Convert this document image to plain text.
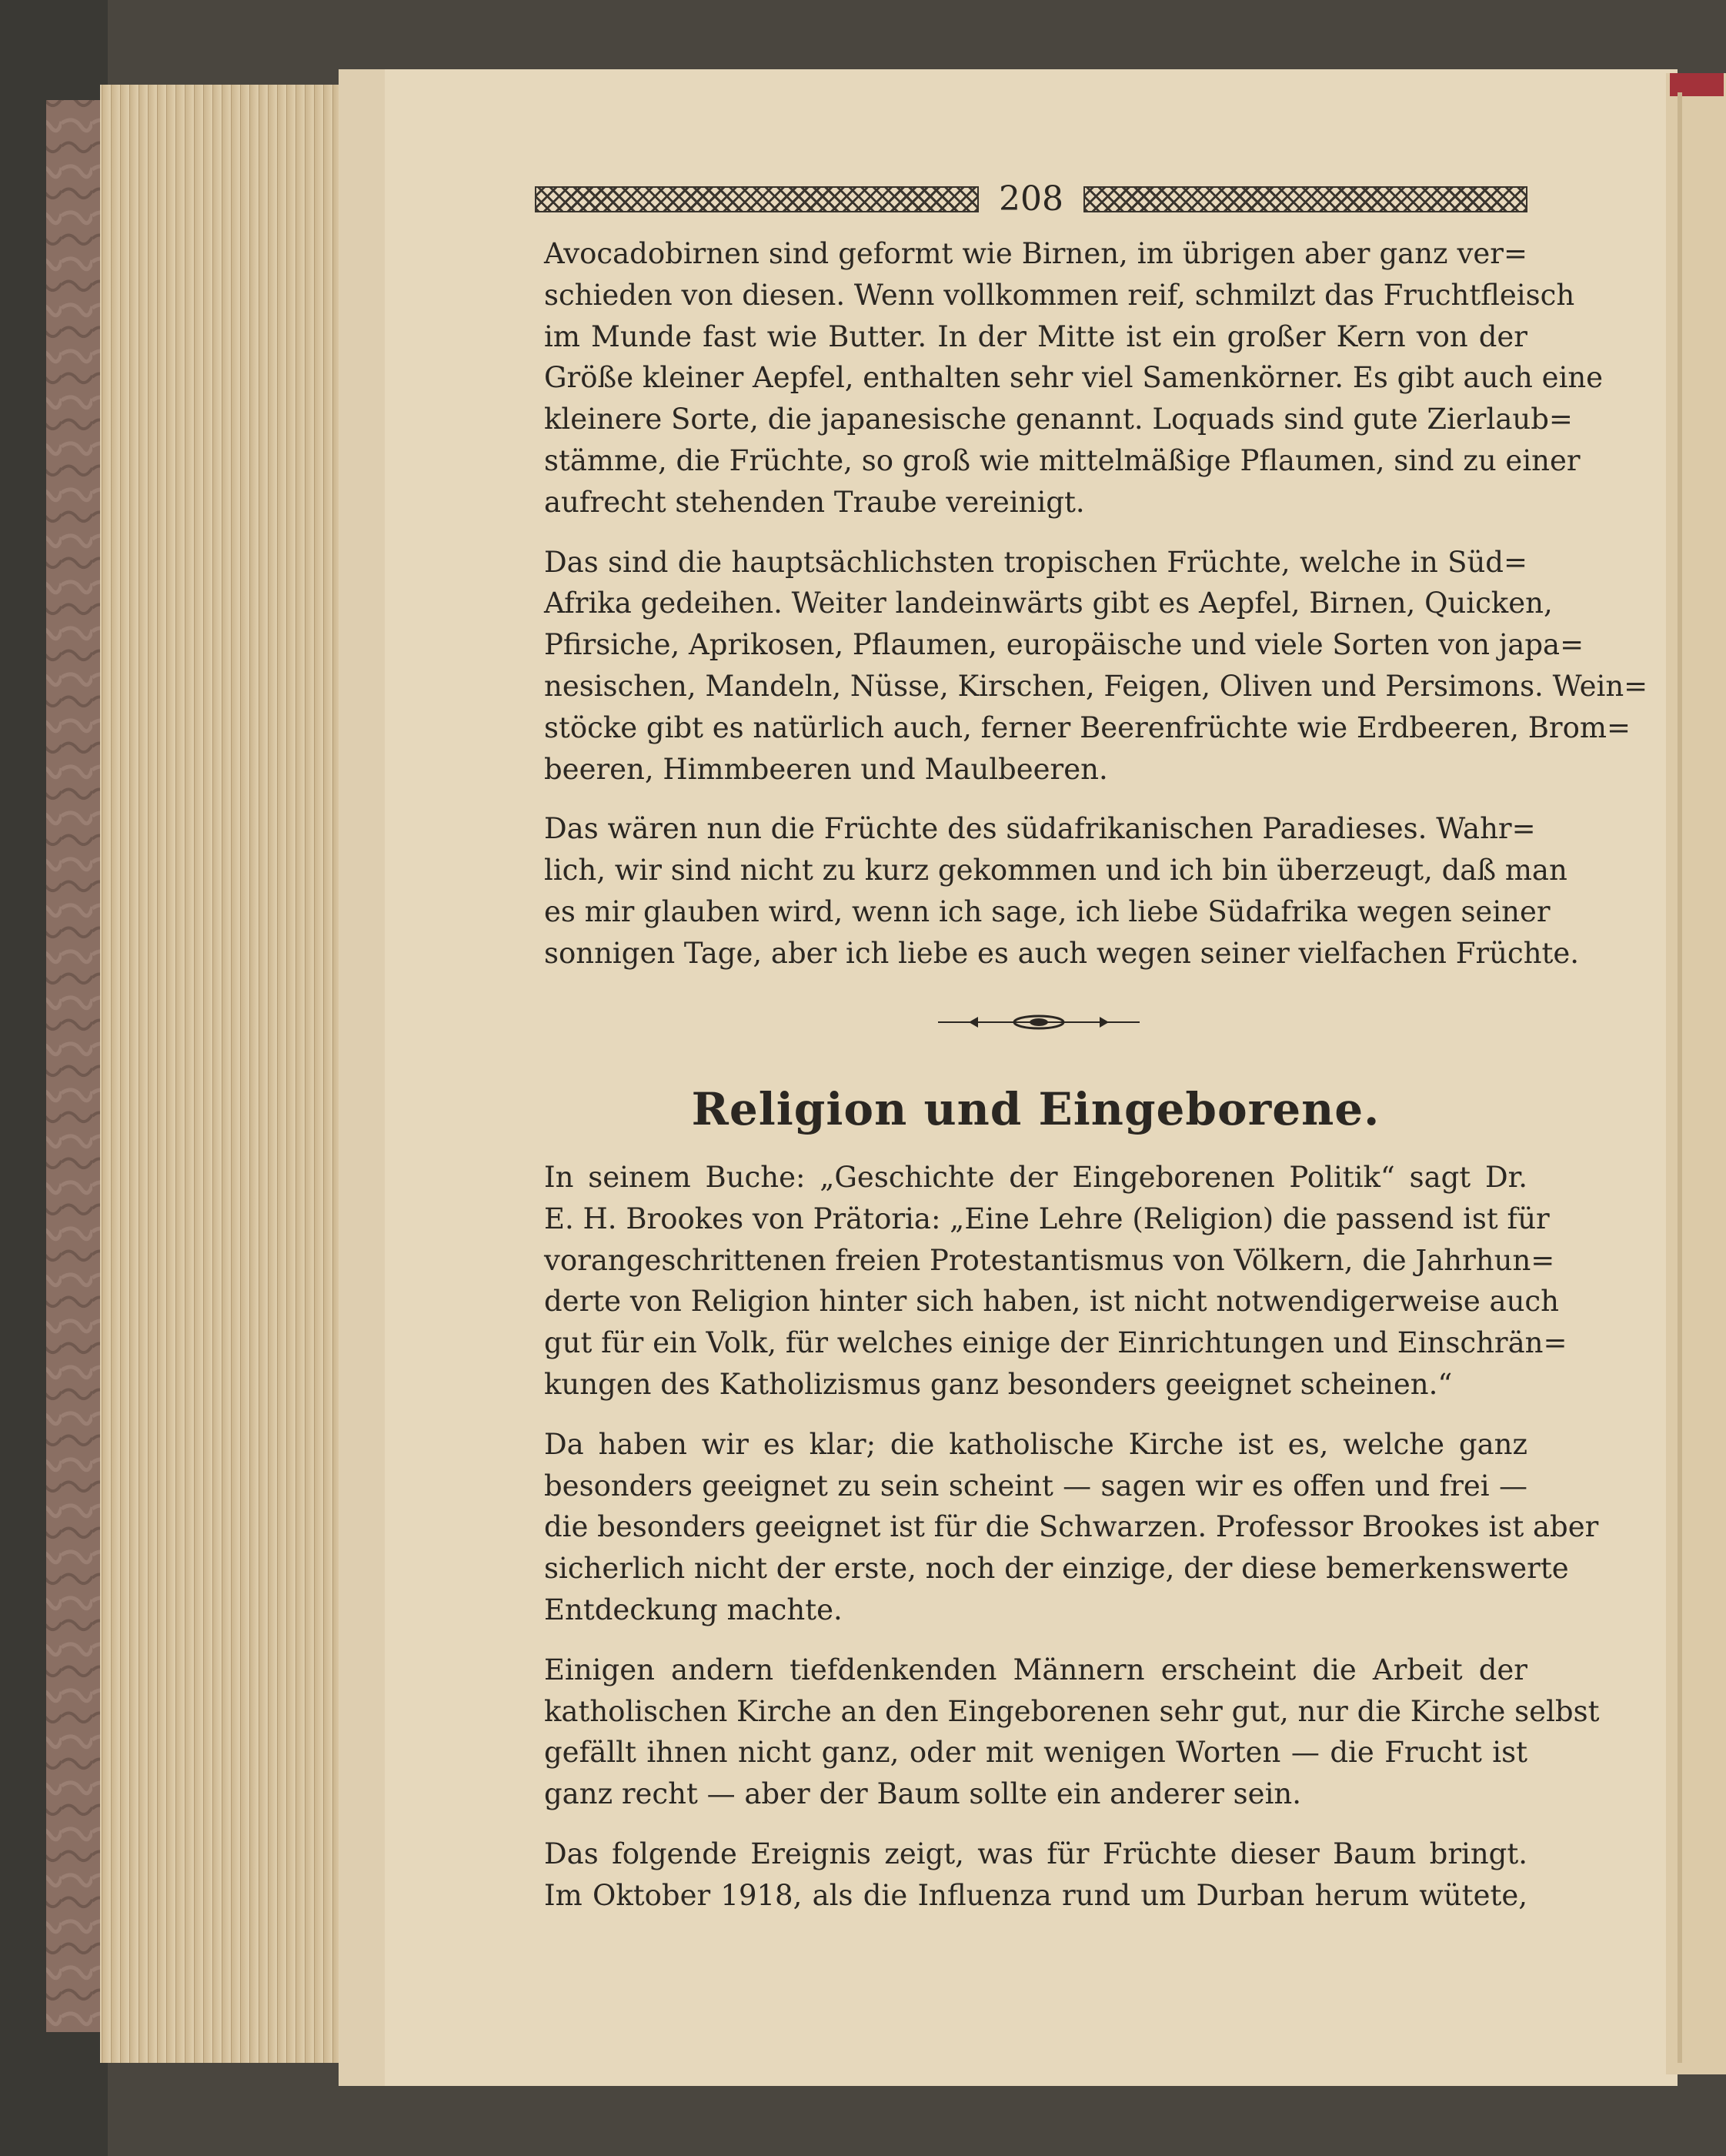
208
Avocadobirnen sind geformt wie Birnen, im übrigen aber ganz ver=
schieden von diesen. Wenn vollkommen reif, schmilzt das Fruchtfleisch
im Munde fast wie Butter. In der Mitte ist ein großer Kern von der
Größe kleiner Aepfel, enthalten sehr viel Samenkörner. Es gibt auch eine
kleinere Sorte, die japanesische genannt. Loquads sind gute Zierlaub=
stämme, die Früchte, so groß wie mittelmäßige Pflaumen, sind zu einer
aufrecht stehenden Traube vereinigt.
Das sind die hauptsächlichsten tropischen Früchte, welche in Süd=
Afrika gedeihen. Weiter landeinwärts gibt es Aepfel, Birnen, Quicken,
Pfirsiche, Aprikosen, Pflaumen, europäische und viele Sorten von japa=
nesischen, Mandeln, Nüsse, Kirschen, Feigen, Oliven und Persimons. Wein=
stöcke gibt es natürlich auch, ferner Beerenfrüchte wie Erdbeeren, Brom=
beeren, Himmbeeren und Maulbeeren.
Das wären nun die Früchte des südafrikanischen Paradieses. Wahr=
lich, wir sind nicht zu kurz gekommen und ich bin überzeugt, daß man
es mir glauben wird, wenn ich sage, ich liebe Südafrika wegen seiner
sonnigen Tage, aber ich liebe es auch wegen seiner vielfachen Früchte.
Religion und Eingeborene.
In seinem Buche: „Geschichte der Eingeborenen Politik“ sagt Dr.
E. H. Brookes von Prätoria: „Eine Lehre (Religion) die passend ist für
vorangeschrittenen freien Protestantismus von Völkern, die Jahrhun=
derte von Religion hinter sich haben, ist nicht notwendigerweise auch
gut für ein Volk, für welches einige der Einrichtungen und Einschrän=
kungen des Katholizismus ganz besonders geeignet scheinen.“
Da haben wir es klar; die katholische Kirche ist es, welche ganz
besonders geeignet zu sein scheint — sagen wir es offen und frei —
die besonders geeignet ist für die Schwarzen. Professor Brookes ist aber
sicherlich nicht der erste, noch der einzige, der diese bemerkenswerte
Entdeckung machte.
Einigen andern tiefdenkenden Männern erscheint die Arbeit der
katholischen Kirche an den Eingeborenen sehr gut, nur die Kirche selbst
gefällt ihnen nicht ganz, oder mit wenigen Worten — die Frucht ist
ganz recht — aber der Baum sollte ein anderer sein.
Das folgende Ereignis zeigt, was für Früchte dieser Baum bringt.
Im Oktober 1918, als die Influenza rund um Durban herum wütete,
